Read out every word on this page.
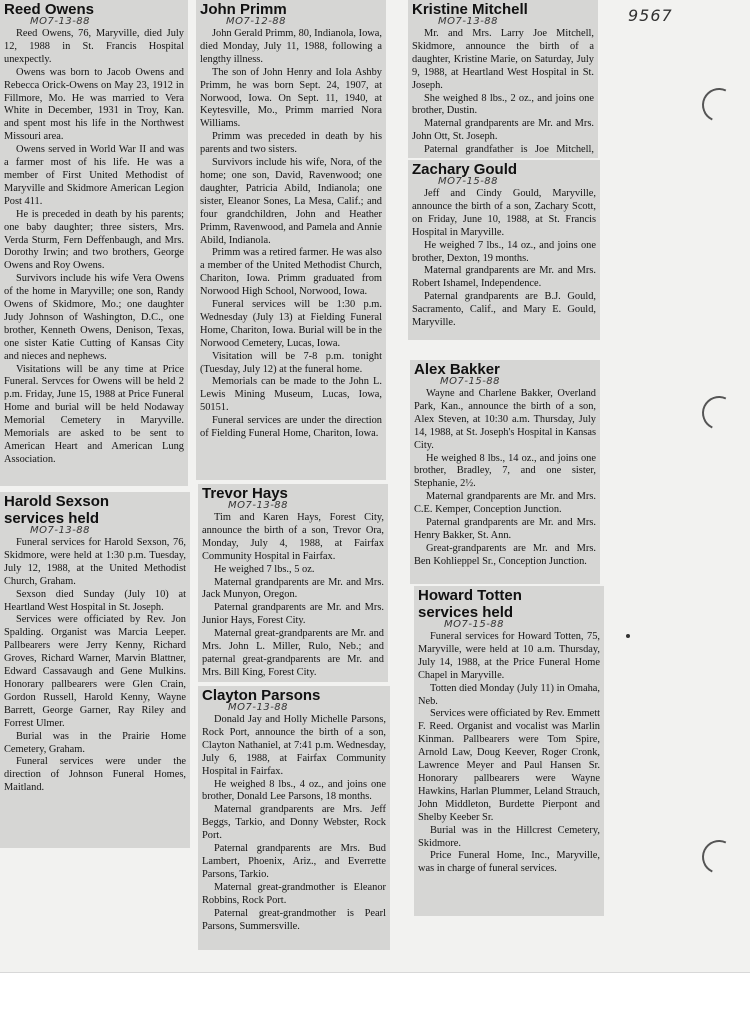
9567
Reed Owens
MO7-13-88

Reed Owens, 76, Maryville, died July 12, 1988 in St. Francis Hospital unexpectly.

Owens was born to Jacob Owens and Rebecca Orick-Owens on May 23, 1912 in Fillmore, Mo. He was married to Vera White in December, 1931 in Troy, Kan. and spent most his life in the Northwest Missouri area.

Owens served in World War II and was a farmer most of his life. He was a member of First United Methodist of Maryville and Skidmore American Legion Post 411.

He is preceded in death by his parents; one baby daughter; three sisters, Mrs. Verda Sturm, Fern Deffenbaugh, and Mrs. Dorothy Irwin; and two brothers, George Owens and Roy Owens.

Survivors include his wife Vera Owens of the home in Maryville; one son, Randy Owens of Skidmore, Mo.; one daughter Judy Johnson of Washington, D.C., one brother, Kenneth Owens, Denison, Texas, one sister Katie Cutting of Kansas City and nieces and nephews.

Visitations will be any time at Price Funeral. Servces for Owens will be held 2 p.m. Friday, June 15, 1988 at Price Funeral Home and burial will be held Nodaway Memorial Cemetery in Maryville. Memorials are asked to be sent to American Heart and American Lung Association.

Harold Sexson services held
MO7-13-88

Funeral services for Harold Sexson, 76, Skidmore, were held at 1:30 p.m. Tuesday, July 12, 1988, at the United Methodist Church, Graham.

Sexson died Sunday (July 10) at Heartland West Hospital in St. Joseph.

Services were officiated by Rev. Jon Spalding. Organist was Marcia Leeper. Pallbearers were Jerry Kenny, Richard Groves, Richard Warner, Marvin Blattner, Edward Cassavaugh and Gene Mulkins. Honorary pallbearers were Glen Crain, Gordon Russell, Harold Kenny, Wayne Barrett, George Garner, Ray Riley and Forrest Ulmer.

Burial was in the Prairie Home Cemetery, Graham.

Funeral services were under the direction of Johnson Funeral Homes, Maitland.

John Primm
MO7-12-88

John Gerald Primm, 80, Indianola, Iowa, died Monday, July 11, 1988, following a lengthy illness.

The son of John Henry and Iola Ashby Primm, he was born Sept. 24, 1907, at Norwood, Iowa. On Sept. 11, 1940, at Keytesville, Mo., Primm married Nora Williams.

Primm was preceded in death by his parents and two sisters.

Survivors include his wife, Nora, of the home; one son, David, Ravenwood; one daughter, Patricia Abild, Indianola; one sister, Eleanor Sones, La Mesa, Calif.; and four grandchildren, John and Heather Primm, Ravenwood, and Pamela and Annie Abild, Indianola.

Primm was a retired farmer. He was also a member of the United Methodist Church, Chariton, Iowa. Primm graduated from Norwood High School, Norwood, Iowa.

Funeral services will be 1:30 p.m. Wednesday (July 13) at Fielding Funeral Home, Chariton, Iowa. Burial will be in the Norwood Cemetery, Lucas, Iowa.

Visitation will be 7-8 p.m. tonight (Tuesday, July 12) at the funeral home.

Memorials can be made to the John L. Lewis Mining Museum, Lucas, Iowa, 50151.

Funeral services are under the direction of Fielding Funeral Home, Chariton, Iowa.

Trevor Hays
MO7-13-88

Tim and Karen Hays, Forest City, announce the birth of a son, Trevor Ora, Monday, July 4, 1988, at Fairfax Community Hospital in Fairfax.

He weighed 7 lbs., 5 oz.

Maternal grandparents are Mr. and Mrs. Jack Munyon, Oregon.

Paternal grandparents are Mr. and Mrs. Junior Hays, Forest City.

Maternal great-grandparents are Mr. and Mrs. John L. Miller, Rulo, Neb.; and paternal great-grandparents are Mr. and Mrs. Bill King, Forest City.

Clayton Parsons
MO7-13-88

Donald Jay and Holly Michelle Parsons, Rock Port, announce the birth of a son, Clayton Nathaniel, at 7:41 p.m. Wednesday, July 6, 1988, at Fairfax Community Hospital in Fairfax.

He weighed 8 lbs., 4 oz., and joins one brother, Donald Lee Parsons, 18 months.

Maternal grandparents are Mrs. Jeff Beggs, Tarkio, and Donny Webster, Rock Port.

Paternal grandparents are Mrs. Bud Lambert, Phoenix, Ariz., and Everrette Parsons, Tarkio.

Maternal great-grandmother is Eleanor Robbins, Rock Port.

Paternal great-grandmother is Pearl Parsons, Summersville.

Kristine Mitchell
MO7-13-88

Mr. and Mrs. Larry Joe Mitchell, Skidmore, announce the birth of a daughter, Kristine Marie, on Saturday, July 9, 1988, at Heartland West Hospital in St. Joseph.

She weighed 8 lbs., 2 oz., and joins one brother, Dustin.

Maternal grandparents are Mr. and Mrs. John Ott, St. Joseph.

Paternal grandfather is Joe Mitchell,

Zachary Gould
MO7-15-88

Jeff and Cindy Gould, Maryville, announce the birth of a son, Zachary Scott, on Friday, June 10, 1988, at St. Francis Hospital in Maryville.

He weighed 7 lbs., 14 oz., and joins one brother, Dexton, 19 months.

Maternal grandparents are Mr. and Mrs. Robert Ishamel, Independence.

Paternal grandparents are B.J. Gould, Sacramento, Calif., and Mary E. Gould, Maryville.

Alex Bakker
MO7-15-88

Wayne and Charlene Bakker, Overland Park, Kan., announce the birth of a son, Alex Steven, at 10:30 a.m. Thursday, July 14, 1988, at St. Joseph's Hospital in Kansas City.

He weighed 8 lbs., 14 oz., and joins one brother, Bradley, 7, and one sister, Stephanie, 2½.

Maternal grandparents are Mr. and Mrs. C.E. Kemper, Conception Junction.

Paternal grandparents are Mr. and Mrs. Henry Bakker, St. Ann.

Great-grandparents are Mr. and Mrs. Ben Kohlieppel Sr., Conception Junction.

Howard Totten services held
MO7-15-88

Funeral services for Howard Totten, 75, Maryville, were held at 10 a.m. Thursday, July 14, 1988, at the Price Funeral Home Chapel in Maryville.

Totten died Monday (July 11) in Omaha, Neb.

Services were officiated by Rev. Emmett F. Reed. Organist and vocalist was Marlin Kinman. Pallbearers were Tom Spire, Arnold Law, Doug Keever, Roger Cronk, Lawrence Meyer and Paul Hansen Sr. Honorary pallbearers were Wayne Hawkins, Harlan Plummer, Leland Strauch, John Middleton, Burdette Pierpont and Shelby Keeber Sr.

Burial was in the Hillcrest Cemetery, Skidmore.

Price Funeral Home, Inc., Maryville, was in charge of funeral services.
